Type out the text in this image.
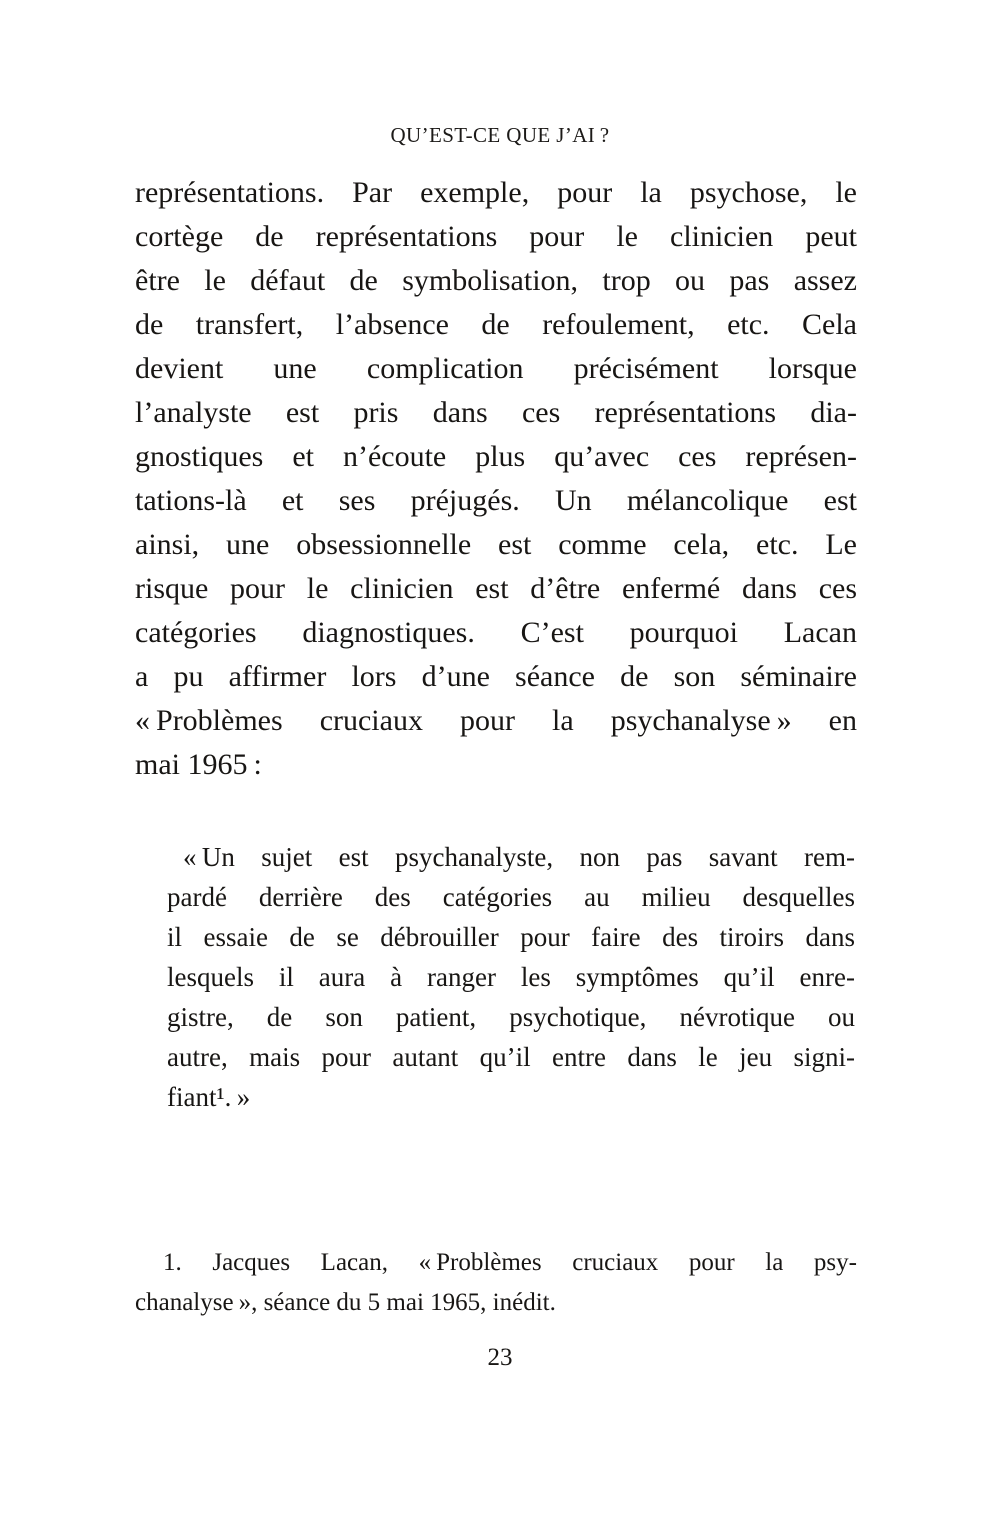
QU’EST-CE QUE J’AI ?
représentations. Par exemple, pour la psychose, le
cortège de représentations pour le clinicien peut
être le défaut de symbolisation, trop ou pas assez
de transfert, l’absence de refoulement, etc. Cela
devient une complication précisément lorsque
l’analyste est pris dans ces représentations dia-
gnostiques et n’écoute plus qu’avec ces représen-
tations-là et ses préjugés. Un mélancolique est
ainsi, une obsessionnelle est comme cela, etc. Le
risque pour le clinicien est d’être enfermé dans ces
catégories diagnostiques. C’est pourquoi Lacan
a pu affirmer lors d’une séance de son séminaire
« Problèmes cruciaux pour la psychanalyse » en
mai 1965 :
« Un sujet est psychanalyste, non pas savant rem-
pardé derrière des catégories au milieu desquelles
il essaie de se débrouiller pour faire des tiroirs dans
lesquels il aura à ranger les symptômes qu’il enre-
gistre, de son patient, psychotique, névrotique ou
autre, mais pour autant qu’il entre dans le jeu signi-
fiant¹. »
1. Jacques Lacan, « Problèmes cruciaux pour la psy-
chanalyse », séance du 5 mai 1965, inédit.
23
